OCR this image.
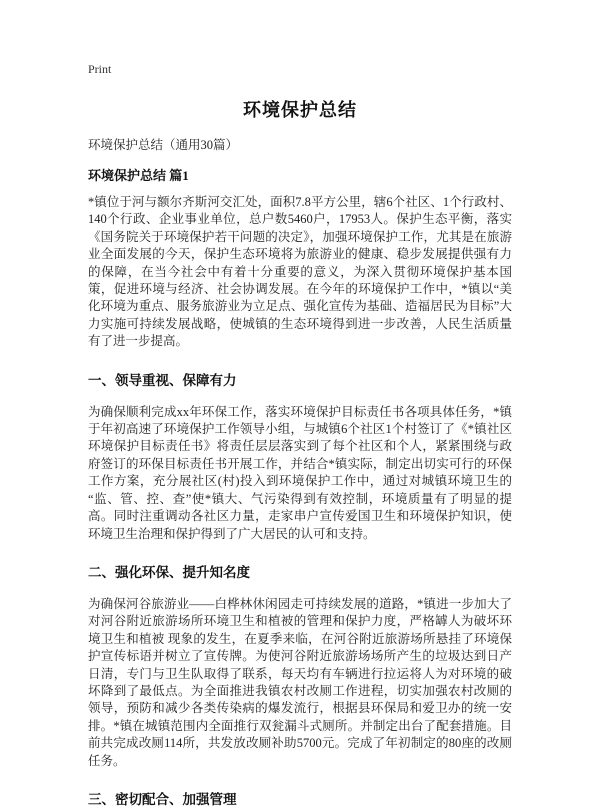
Print
环境保护总结

环境保护总结（通用30篇）

环境保护总结 篇1

*镇位于河与额尔齐斯河交汇处，面积7.8平方公里，辖6个社区、1个行政村、140个行政、企业事业单位，总户数5460户，17953人。保护生态平衡，落实《国务院关于环境保护若干问题的决定》，加强环境保护工作，尤其是在旅游业全面发展的今天，保护生态环境将为旅游业的健康、稳步发展提供强有力的保障，在当今社会中有着十分重要的意义，为深入贯彻环境保护基本国策，促进环境与经济、社会协调发展。在今年的环境保护工作中，*镇以“美化环境为重点、服务旅游业为立足点、强化宣传为基础、造福居民为目标”大力实施可持续发展战略，使城镇的生态环境得到进一步改善，人民生活质量有了进一步提高。

一、领导重视、保障有力

为确保顺利完成xx年环保工作，落实环境保护目标责任书各项具体任务，*镇于年初高速了环境保护工作领导小组，与城镇6个社区1个村签订了《*镇社区环境保护目标责任书》将责任层层落实到了每个社区和个人，紧紧围绕与政府签订的环保目标责任书开展工作，并结合*镇实际，制定出切实可行的环保工作方案，充分展社区(村)投入到环境保护工作中，通过对城镇环境卫生的“监、管、控、查”使*镇大、气污染得到有效控制，环境质量有了明显的提高。同时注重调动各社区力量，走家串户宣传爱国卫生和环境保护知识，使环境卫生治理和保护得到了广大居民的认可和支持。

二、强化环保、提升知名度

为确保河谷旅游业——白桦林休闲园走可持续发展的道路，*镇进一步加大了对河谷附近旅游场所环境卫生和植被的管理和保护力度，严格罅人为破坏环境卫生和植被 现象的发生，在夏季来临，在河谷附近旅游场所悬挂了环境保护宣传标语并树立了宣传牌。为使河谷附近旅游场场所产生的垃圾达到日产日清，专门与卫生队取得了联系，每天均有车辆进行拉运将人为对环境的破坏降到了最低点。为全面推进我镇农村改厕工作进程，切实加强农村改厕的领导，预防和减少各类传染病的爆发流行，根据县环保局和爱卫办的统一安排。*镇在城镇范围内全面推行双瓮漏斗式厕所。并制定出台了配套措施。目前共完成改厕114所，共发放改厕补助5700元。完成了年初制定的80座的改厕任务。

三、密切配合、加强管理
